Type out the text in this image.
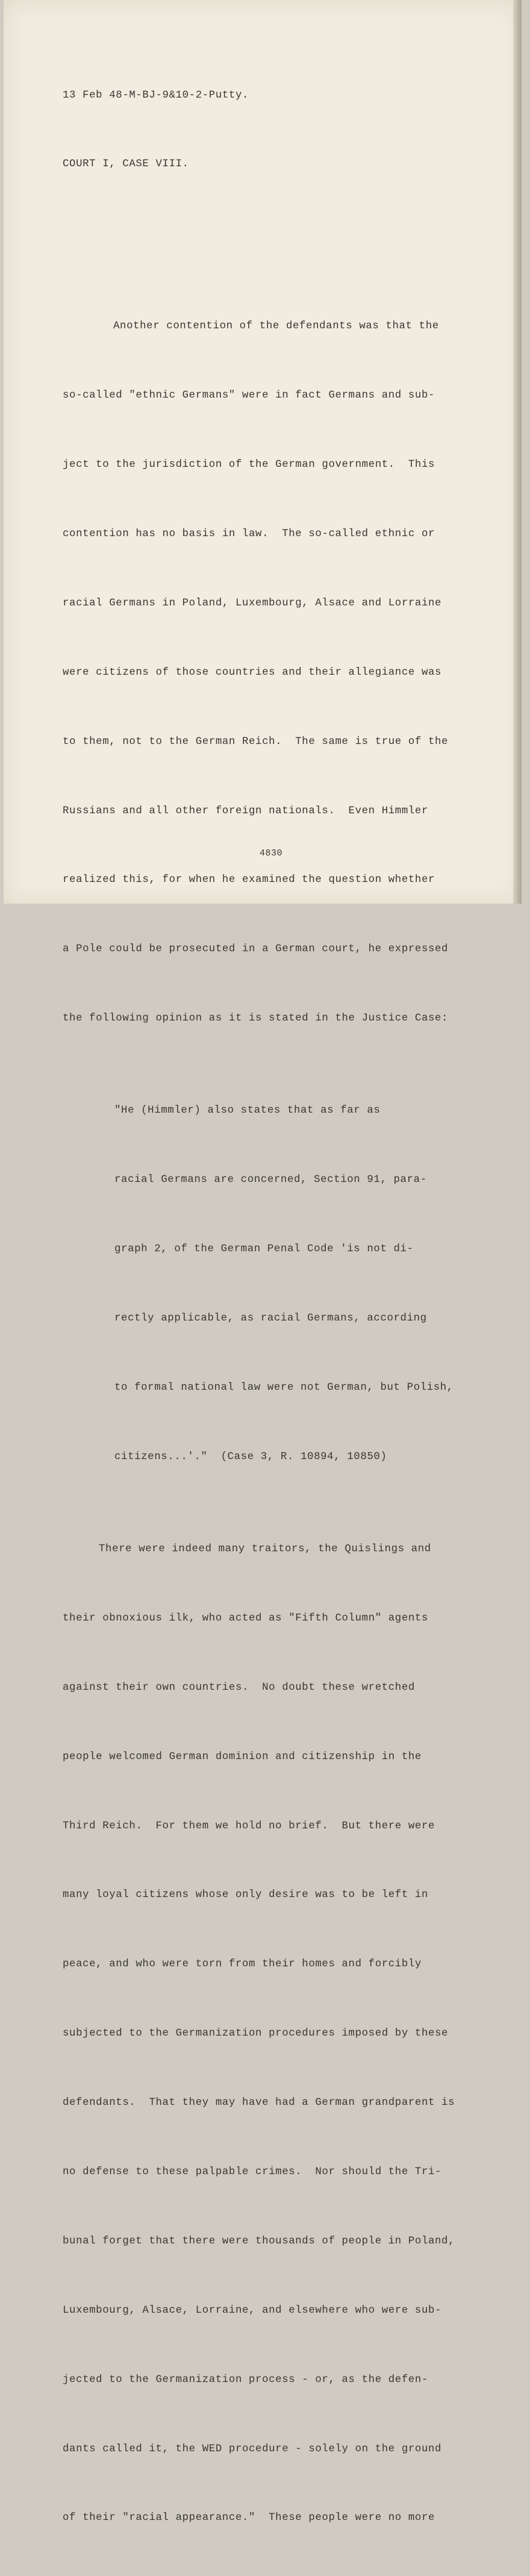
13 Feb 48-M-BJ-9&10-2-Putty.

COURT I, CASE VIII.

Another contention of the defendants was that the

so-called "ethnic Germans" were in fact Germans and sub-

ject to the jurisdiction of the German government.  This

contention has no basis in law.  The so-called ethnic or

racial Germans in Poland, Luxembourg, Alsace and Lorraine

were citizens of those countries and their allegiance was

to them, not to the German Reich.  The same is true of the

Russians and all other foreign nationals.  Even Himmler

realized this, for when he examined the question whether

a Pole could be prosecuted in a German court, he expressed

the following opinion as it is stated in the Justice Case:

"He (Himmler) also states that as far as

racial Germans are concerned, Section 91, para-

graph 2, of the German Penal Code 'is not di-

rectly applicable, as racial Germans, according

to formal national law were not German, but Polish,

citizens...'."  (Case 3, R. 10894, 10850)

There were indeed many traitors, the Quislings and

their obnoxious ilk, who acted as "Fifth Column" agents

against their own countries.  No doubt these wretched

people welcomed German dominion and citizenship in the

Third Reich.  For them we hold no brief.  But there were

many loyal citizens whose only desire was to be left in

peace, and who were torn from their homes and forcibly

subjected to the Germanization procedures imposed by these

defendants.  That they may have had a German grandparent is

no defense to these palpable crimes.  Nor should the Tri-

bunal forget that there were thousands of people in Poland,

Luxembourg, Alsace, Lorraine, and elsewhere who were sub-

jected to the Germanization process - or, as the defen-

dants called it, the WED procedure - solely on the ground

of their "racial appearance."  These people were no more

4830
